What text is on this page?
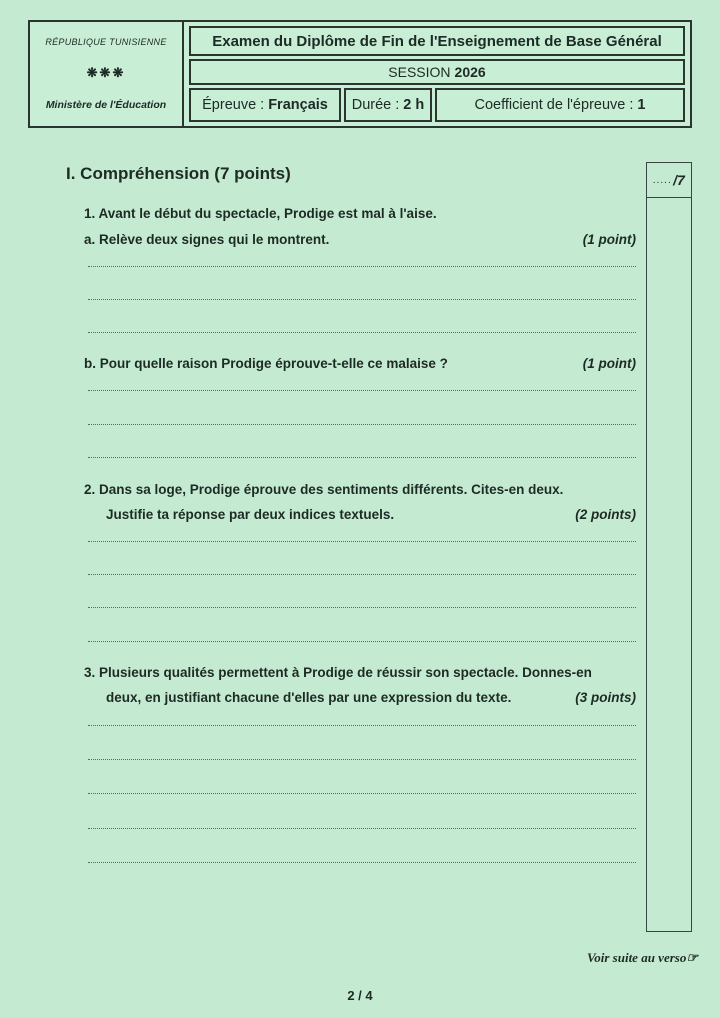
RÉPUBLIQUE TUNISIENNE
❋❋❋
Ministère de l'Éducation
Examen du Diplôme de Fin de l'Enseignement de Base Général
SESSION 2026
Épreuve : Français Durée : 2 h	Coefficient de l'épreuve : 1
..... /7
I. Compréhension (7 points)
1. Avant le début du spectacle, Prodige est mal à l'aise.
a. Relève deux signes qui le montrent.	(1 point)
b. Pour quelle raison Prodige éprouve-t-elle ce malaise ?	(1 point)
2. Dans sa loge, Prodige éprouve des sentiments différents. Cites-en deux.
Justifie ta réponse par deux indices textuels.	(2 points)
3. Plusieurs qualités permettent à Prodige de réussir son spectacle. Donnes-en
deux, en justifiant chacune d'elles par une expression du texte.	(3 points)
Voir suite au verso☞
2 / 4
